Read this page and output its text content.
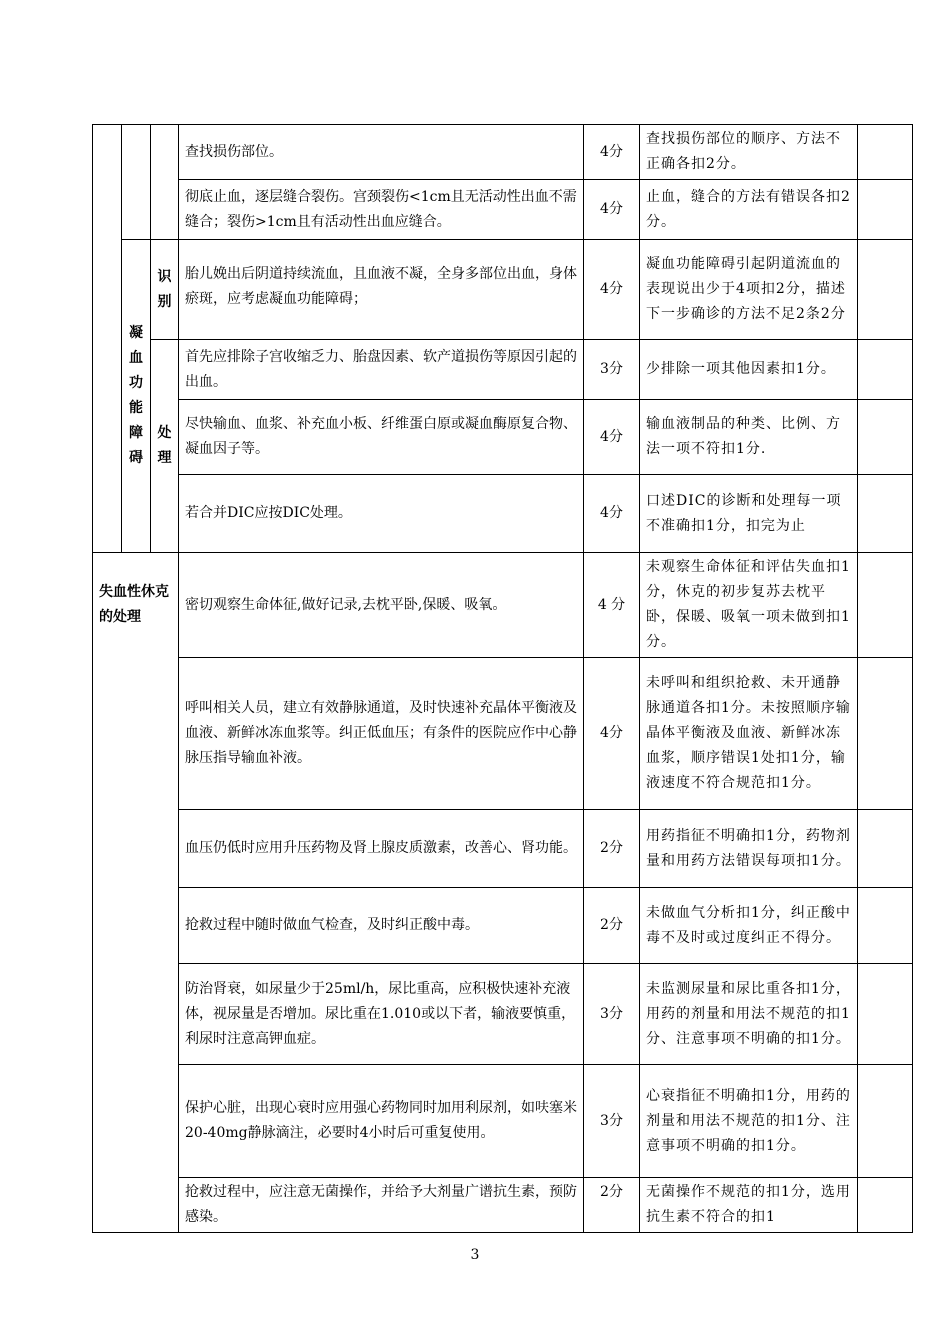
			查找损伤部位。	4分	查找损伤部位的顺序、方法不正确各扣2分。	
			彻底止血，逐层缝合裂伤。宫颈裂伤<1cm且无活动性出血不需缝合；裂伤>1cm且有活动性出血应缝合。	4分	止血，缝合的方法有错误各扣2分。	

	凝血功能障碍	识别	胎儿娩出后阴道持续流血，且血液不凝，全身多部位出血，身体瘀斑，应考虑凝血功能障碍；	4分	凝血功能障碍引起阴道流血的表现说出少于4项扣2分，描述下一步确诊的方法不足2条2分	

		处理	首先应排除子宫收缩乏力、胎盘因素、软产道损伤等原因引起的出血。	3分	少排除一项其他因素扣1分。	
			尽快输血、血浆、补充血小板、纤维蛋白原或凝血酶原复合物、凝血因子等。	4分	输血液制品的种类、比例、方法一项不符扣1分.	
			若合并DIC应按DIC处理。	4分	口述DIC的诊断和处理每一项不准确扣1分，扣完为止	
失血性休克的处理			密切观察生命体征,做好记录,去枕平卧,保暖、吸氧。	4 分	未观察生命体征和评估失血扣1分，休克的初步复苏去枕平卧，保暖、吸氧一项未做到扣1分。	
			呼叫相关人员，建立有效静脉通道，及时快速补充晶体平衡液及血液、新鲜冰冻血浆等。纠正低血压；有条件的医院应作中心静脉压指导输血补液。	4分	未呼叫和组织抢救、未开通静脉通道各扣1分。未按照顺序输晶体平衡液及血液、新鲜冰冻血浆，顺序错误1处扣1分，输液速度不符合规范扣1分。	
			血压仍低时应用升压药物及肾上腺皮质激素，改善心、肾功能。	2分	用药指征不明确扣1分，药物剂量和用药方法错误每项扣1分。	
			抢救过程中随时做血气检查，及时纠正酸中毒。	2分	未做血气分析扣1分，纠正酸中毒不及时或过度纠正不得分。	
			防治肾衰，如尿量少于25ml/h，尿比重高，应积极快速补充液体，视尿量是否增加。尿比重在1.010或以下者，输液要慎重，利尿时注意高钾血症。	3分	未监测尿量和尿比重各扣1分，用药的剂量和用法不规范的扣1分、注意事项不明确的扣1分。	
			保护心脏，出现心衰时应用强心药物同时加用利尿剂，如呋塞米20-40mg静脉滴注，必要时4小时后可重复使用。	3分	心衰指征不明确扣1分，用药的剂量和用法不规范的扣1分、注意事项不明确的扣1分。	
			抢救过程中，应注意无菌操作，并给予大剂量广谱抗生素，预防感染。	2分	无菌操作不规范的扣1分，选用抗生素不符合的扣1	
3
